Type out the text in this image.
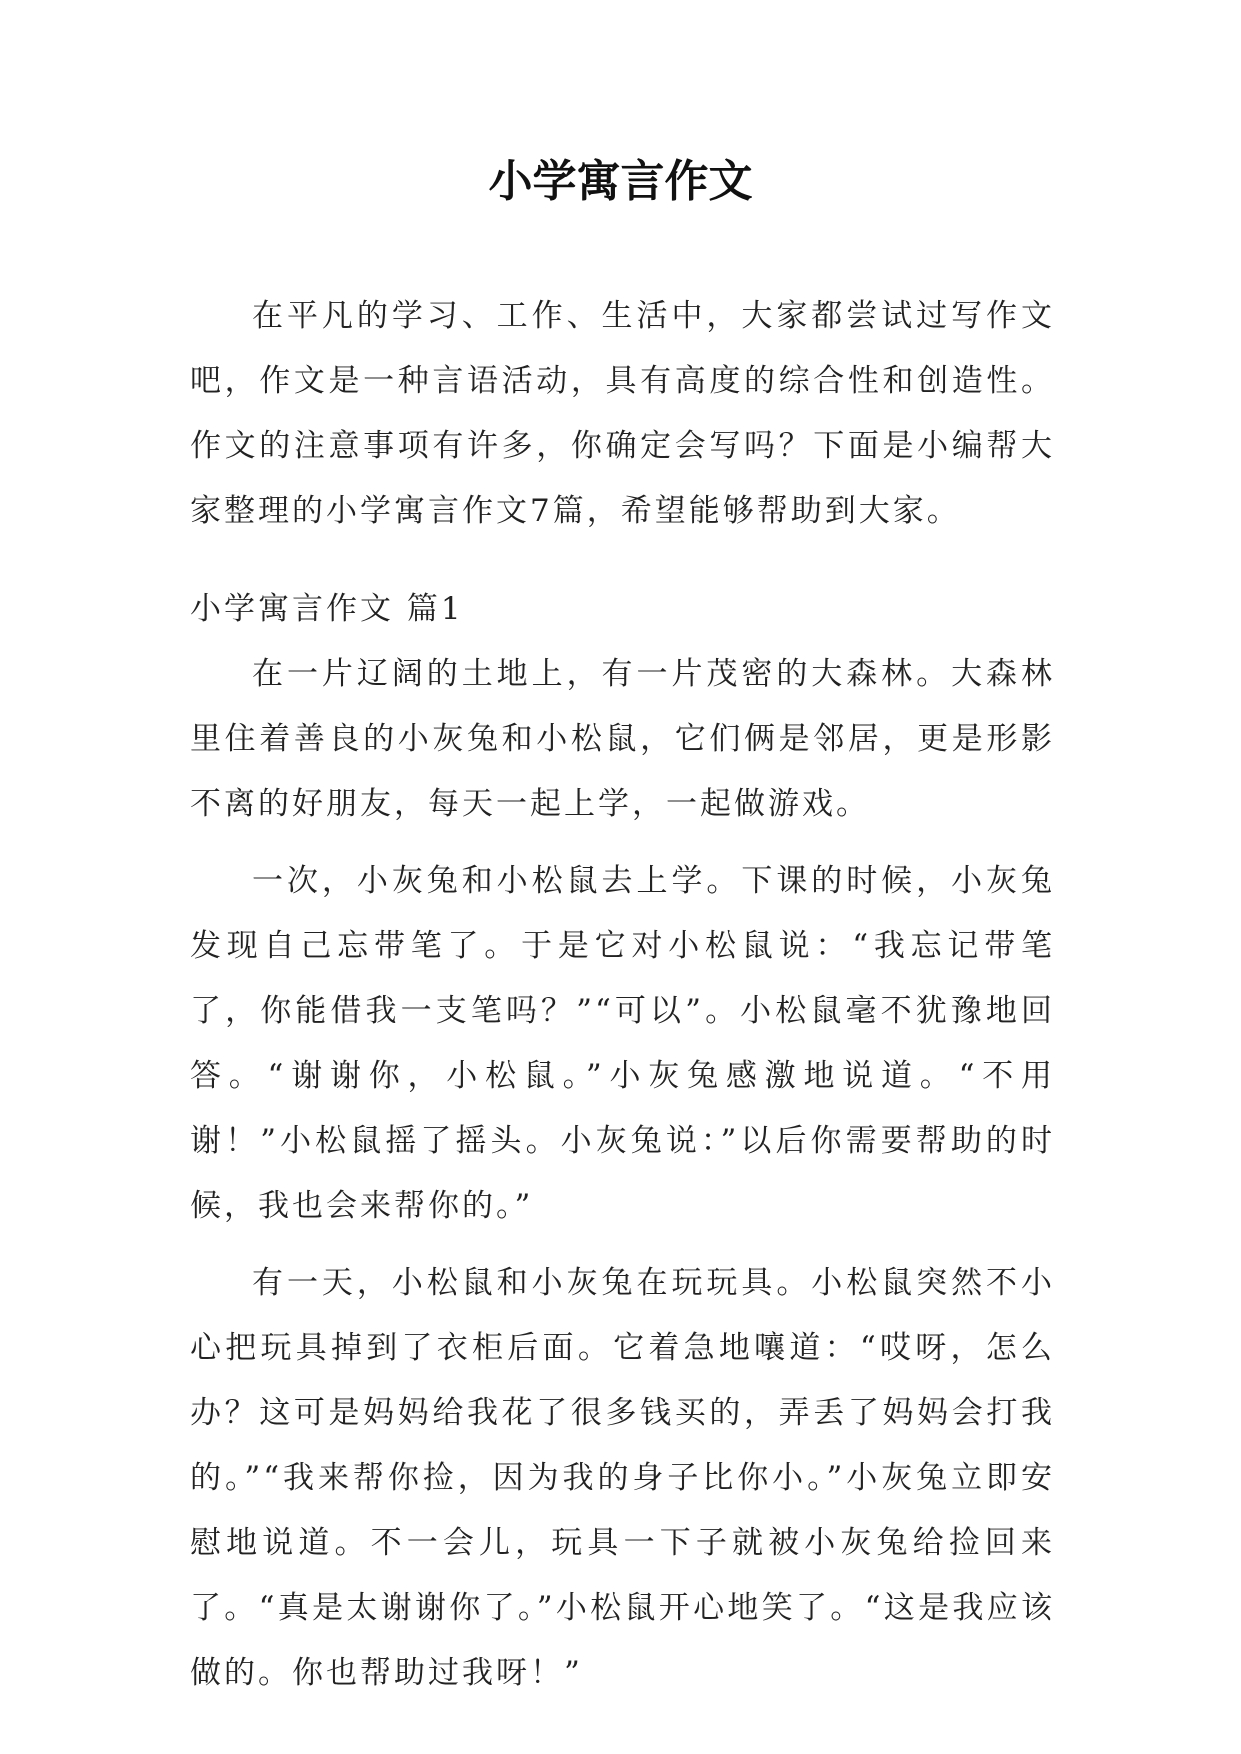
小学寓言作文

在平凡的学习、工作、生活中，大家都尝试过写作文吧，作文是一种言语活动，具有高度的综合性和创造性。作文的注意事项有许多，你确定会写吗？下面是小编帮大家整理的小学寓言作文7篇，希望能够帮助到大家。

小学寓言作文 篇1

在一片辽阔的土地上，有一片茂密的大森林。大森林里住着善良的小灰兔和小松鼠，它们俩是邻居，更是形影不离的好朋友，每天一起上学，一起做游戏。

一次，小灰兔和小松鼠去上学。下课的时候，小灰兔发现自己忘带笔了。于是它对小松鼠说：“我忘记带笔了，你能借我一支笔吗？”“可以”。小松鼠毫不犹豫地回答。“谢谢你，小松鼠。”小灰兔感激地说道。“不用谢！”小松鼠摇了摇头。小灰兔说：”以后你需要帮助的时候，我也会来帮你的。”

有一天，小松鼠和小灰兔在玩玩具。小松鼠突然不小心把玩具掉到了衣柜后面。它着急地嚷道：“哎呀，怎么办？这可是妈妈给我花了很多钱买的，弄丢了妈妈会打我的。”“我来帮你捡，因为我的身子比你小。”小灰兔立即安慰地说道。不一会儿，玩具一下子就被小灰兔给捡回来了。“真是太谢谢你了。”小松鼠开心地笑了。“这是我应该做的。你也帮助过我呀！”
